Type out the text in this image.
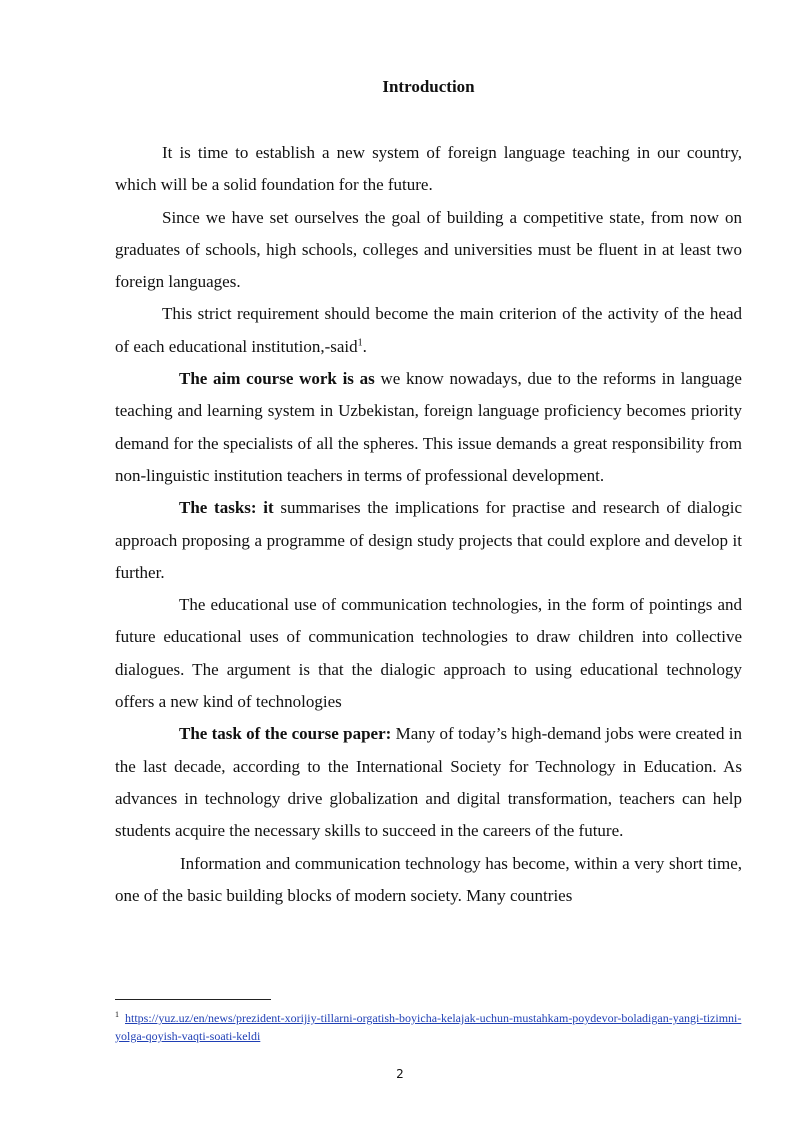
Introduction

It is time to establish a new system of foreign language teaching in our country, which will be a solid foundation for the future.

Since we have set ourselves the goal of building a competitive state, from now on graduates of schools, high schools, colleges and universities must be fluent in at least two foreign languages.

This strict requirement should become the main criterion of the activity of the head of each educational institution,-said$^1$.

The aim course work is as we know nowadays, due to the reforms in language teaching and learning system in Uzbekistan, foreign language proficiency becomes priority demand for the specialists of all the spheres. This issue demands a great responsibility from non-linguistic institution teachers in terms of professional development.

The tasks: it summarises the implications for practise and research of dialogic approach proposing a programme of design study projects that could explore and develop it further.

The educational use of communication technologies, in the form of pointings and future educational uses of communication technologies to draw children into collective dialogues. The argument is that the dialogic approach to using educational technology offers a new kind of technologies

The task of the course paper: Many of today’s high-demand jobs were created in the last decade, according to the International Society for Technology in Education. As advances in technology drive globalization and digital transformation, teachers can help students acquire the necessary skills to succeed in the careers of the future.

Information and communication technology has become, within a very short time, one of the basic building blocks of modern society. Many countries

$^1$ https://yuz.uz/en/news/prezident-xorijiy-tillarni-orgatish-boyicha-kelajak-uchun-mustahkam-poydevor-boladigan-yangi-tizimni-yolga-qoyish-vaqti-soati-keldi
2
